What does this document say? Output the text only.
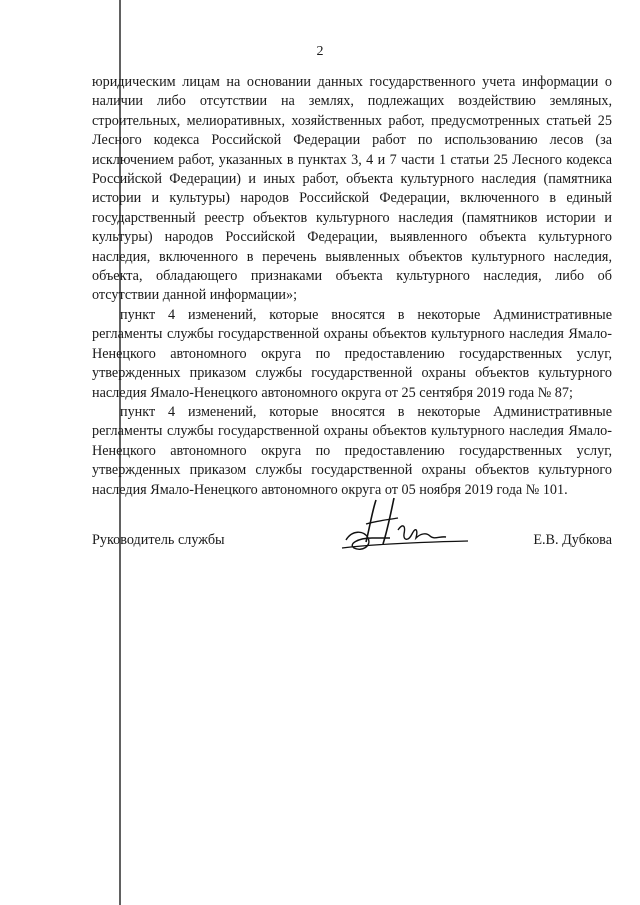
2

юридическим лицам на основании данных государственного учета информации о наличии либо отсутствии на землях, подлежащих воздействию земляных, строительных, мелиоративных, хозяйственных работ, предусмотренных статьей 25 Лесного кодекса Российской Федерации работ по использованию лесов (за исключением работ, указанных в пунктах 3, 4 и 7 части 1 статьи 25 Лесного кодекса Российской Федерации) и иных работ, объекта культурного наследия (памятника истории и культуры) народов Российской Федерации, включенного в единый государственный реестр объектов культурного наследия (памятников истории и культуры) народов Российской Федерации, выявленного объекта культурного наследия, включенного в перечень выявленных объектов культурного наследия, объекта, обладающего признаками объекта культурного наследия, либо об отсутствии данной информации»;

пункт 4 изменений, которые вносятся в некоторые Административные регламенты службы государственной охраны объектов культурного наследия Ямало-Ненецкого автономного округа по предоставлению государственных услуг, утвержденных приказом службы государственной охраны объектов культурного наследия Ямало-Ненецкого автономного округа от 25 сентября 2019 года № 87;

пункт 4 изменений, которые вносятся в некоторые Административные регламенты службы государственной охраны объектов культурного наследия Ямало-Ненецкого автономного округа по предоставлению государственных услуг, утвержденных приказом службы государственной охраны объектов культурного наследия Ямало-Ненецкого автономного округа от 05 ноября 2019 года № 101.

Руководитель службы	Е.В. Дубкова
